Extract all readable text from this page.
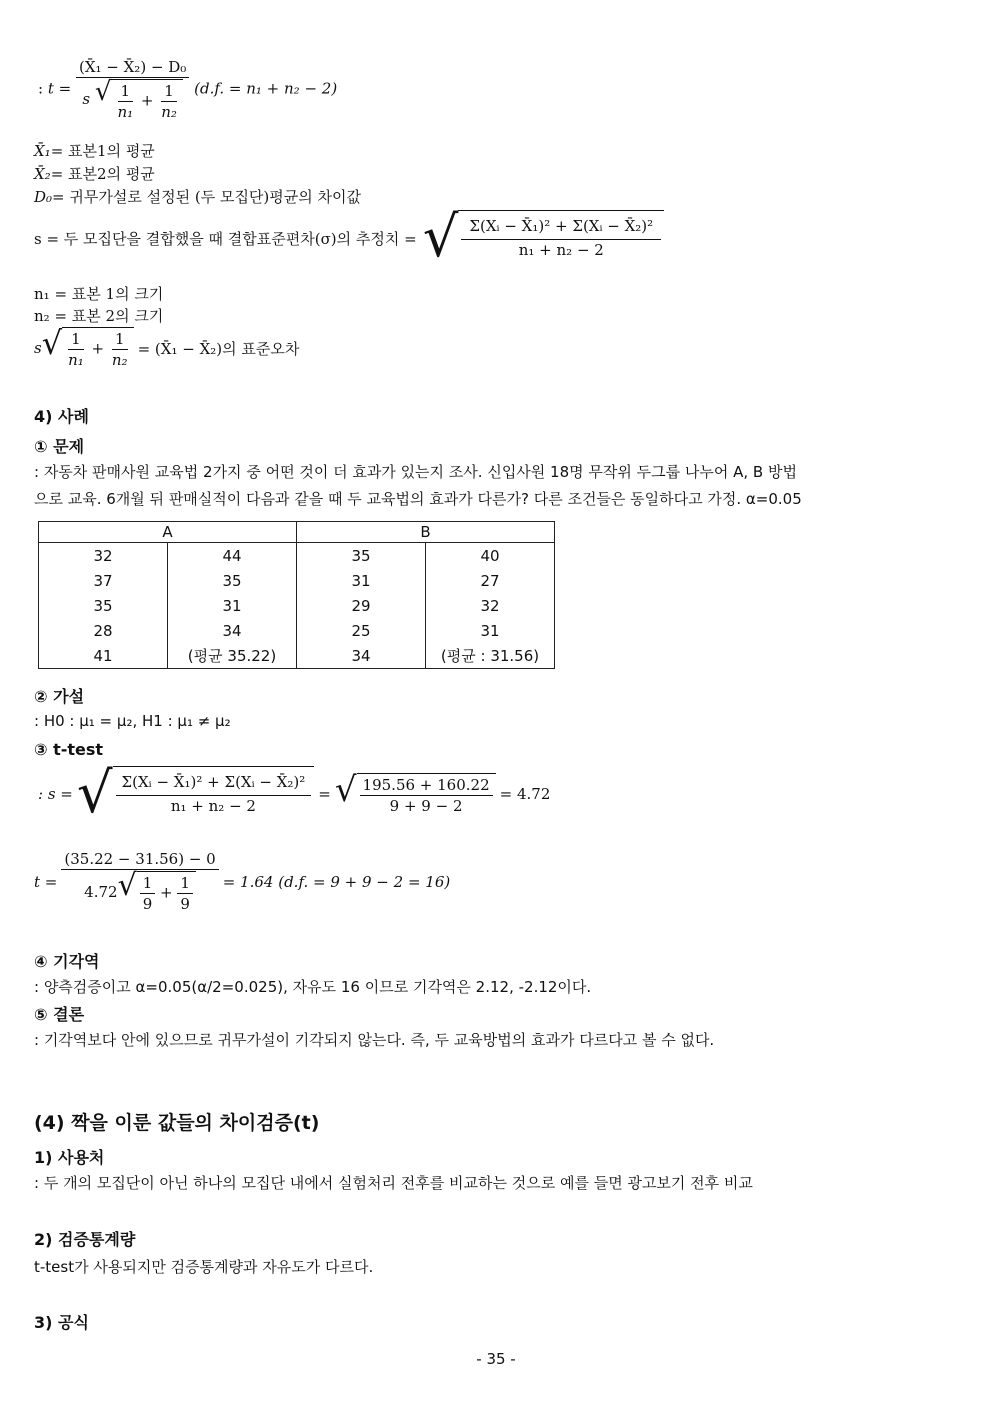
: t =
(X̄₁ − X̄₂) − D₀
s √ $\frac{1}{\text{n₁}} + \frac{1}{\text{n₂}} (d.f$. = n₁ + n₂ − 2)
X̄₁= 표본1의 평균
X̄₂= 표본2의 평균
D₀= 귀무가설로 설정된 (두 모집단)평균의 차이값
s = 두 모집단을 결합했을 때 결합표준편차(σ)의 추정치 = √ $\frac{\text{Σ(Xᵢ − X̄₁)² + Σ(Xᵢ − X̄₂)²}}{\text{n₁ + n₂ − 2}}$
n₁ = 표본 1의 크기
n₂ = 표본 2의 크기
s √ $\frac{1}{\text{n₁}} + \frac{1}{\text{n₂}}$ = (X̄₁ − X̄₂)의 표준오차
4) 사례
① 문제
: 자동차 판매사원 교육법 2가지 중 어떤 것이 더 효과가 있는지 조사. 신입사원 18명 무작위 두그룹 나누어 A, B 방법
으로 교육. 6개월 뒤 판매실적이 다음과 같을 때 두 교육법의 효과가 다른가? 다른 조건들은 동일하다고 가정. α=0.05
A		B	
32	44	35	40
37	35	31	27
35	31	29	32
28	34	25	31
41	(평균 35.22)	34	(평균 : 31.56)
② 가설
: H0 : μ₁ = μ₂, H1 : μ₁ ≠ μ₂
③ t-test
: s = √ $\frac{\text{Σ(Xᵢ − X̄₁)² + Σ(Xᵢ − X̄₂)²}}{\text{n₁ + n₂ − 2}}$ = √ $\frac{195.56 + 160.22}{9 + 9 - 2} = 4.72$
t =
(35.22 − 31.56) − 0
4.72 √ $\frac{1}{9} + \frac{1}{9} = 1.64$ (d.f. = 9 + 9 − 2 = 16)
④ 기각역
: 양측검증이고 α=0.05(α/2=0.025), 자유도 16 이므로 기각역은 2.12, -2.12이다.
⑤ 결론
: 기각역보다 안에 있으므로 귀무가설이 기각되지 않는다. 즉, 두 교육방법의 효과가 다르다고 볼 수 없다.
(4) 짝을 이룬 값들의 차이검증(t)
1) 사용처
: 두 개의 모집단이 아닌 하나의 모집단 내에서 실험처리 전후를 비교하는 것으로 예를 들면 광고보기 전후 비교
2) 검증통계량
t-test가 사용되지만 검증통계량과 자유도가 다르다.
3) 공식
- 35 -
